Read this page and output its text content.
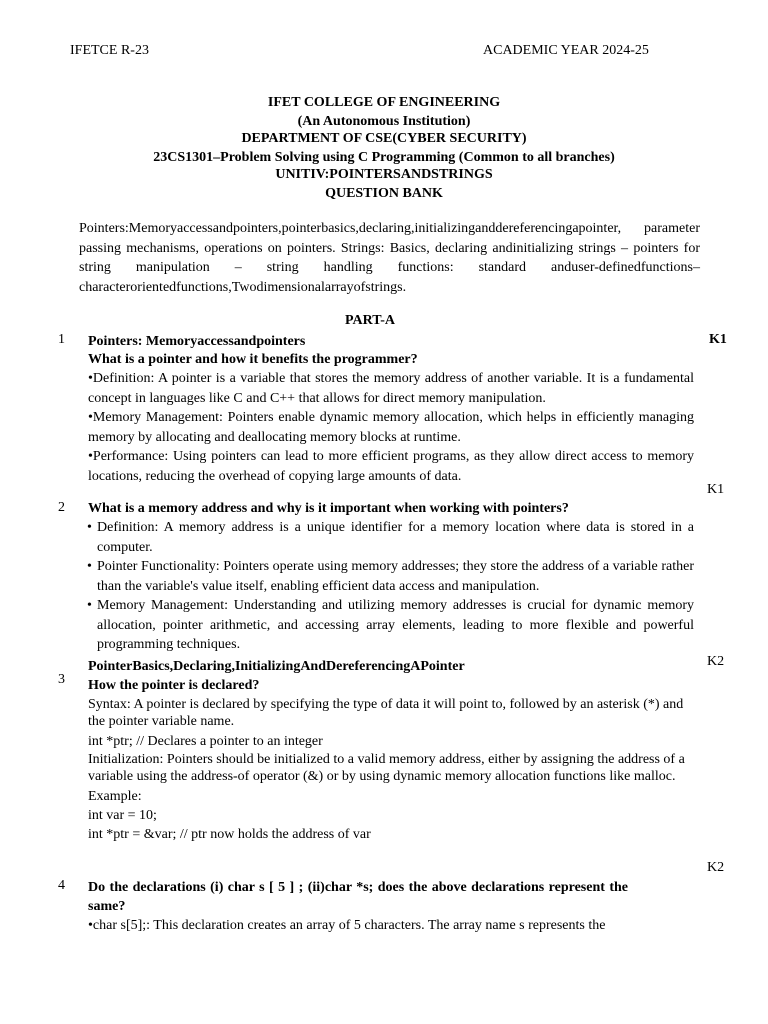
IFETCE R-23	ACADEMIC YEAR 2024-25
IFET COLLEGE OF ENGINEERING
(An Autonomous Institution)
DEPARTMENT OF CSE(CYBER SECURITY)
23CS1301–Problem Solving using C Programming (Common to all branches)
UNITIV:POINTERSANDSTRINGS
QUESTION BANK
Pointers:Memoryaccessandpointers,pointerbasics,declaring,initializinganddereferencingapointer, parameter passing mechanisms, operations on pointers. Strings: Basics, declaring andinitializing strings – pointers for string manipulation – string handling functions: standard anduser-definedfunctions– characterorientedfunctions,Twodimensionalarrayofstrings.
PART-A
1	K1
Pointers: Memoryaccessandpointers
What is a pointer and how it benefits the programmer?
•Definition: A pointer is a variable that stores the memory address of another variable. It is a fundamental concept in languages like C and C++ that allows for direct memory manipulation.
•Memory Management: Pointers enable dynamic memory allocation, which helps in efficiently managing memory by allocating and deallocating memory blocks at runtime.
•Performance: Using pointers can lead to more efficient programs, as they allow direct access to memory locations, reducing the overhead of copying large amounts of data.
K1
2 What is a memory address and why is it important when working with pointers?
• Definition: A memory address is a unique identifier for a memory location where data is stored in a computer.
• Pointer Functionality: Pointers operate using memory addresses; they store the address of a variable rather than the variable's value itself, enabling efficient data access and manipulation.
• Memory Management: Understanding and utilizing memory addresses is crucial for dynamic memory allocation, pointer arithmetic, and accessing array elements, leading to more flexible and powerful programming techniques.
K2
3
PointerBasics,Declaring,InitializingAndDereferencingAPointer
How the pointer is declared?
Syntax: A pointer is declared by specifying the type of data it will point to, followed by an asterisk (*) and the pointer variable name.
int *ptr; // Declares a pointer to an integer
Initialization: Pointers should be initialized to a valid memory address, either by assigning the address of a variable using the address-of operator (&) or by using dynamic memory allocation functions like malloc.
Example:
int var = 10;
int *ptr = &var; // ptr now holds the address of var
K2
4 Do the declarations (i) char s [ 5 ] ; (ii)char *s; does the above declarations represent the same?
•char s[5];: This declaration creates an array of 5 characters. The array name s represents the
